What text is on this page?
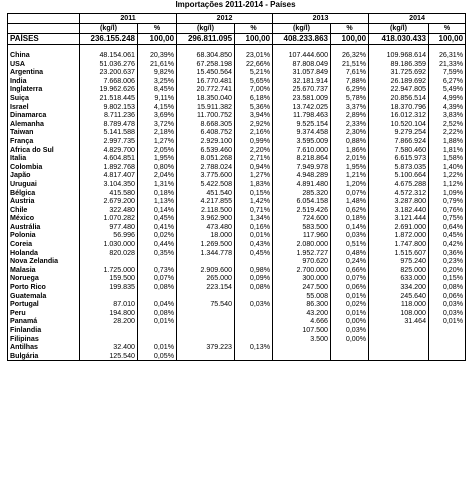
Importações 2011-2014 - Países
	2011		2012		2013		2014	
	(kg/l)	%	(kg/l)	%	(kg/l)	%	(kg/l)	%
PAÍSES	236.155.248	100,00	296.811.095	100,00	408.233.863	100,00	418.030.433	100,00

China	48.154.061	20,39%	68.304.850	23,01%	107.444.600	26,32%	109.968.614	26,31%
USA	51.036.276	21,61%	67.258.198	22,66%	87.808.049	21,51%	89.186.359	21,33%
Argentina	23.200.637	9,82%	15.450.564	5,21%	31.057.849	7,61%	31.725.692	7,59%
India	7.668.006	3,25%	16.770.481	5,65%	32.181.914	7,88%	26.189.692	6,27%
Inglaterra	19.962.626	8,45%	20.772.741	7,00%	25.670.737	6,29%	22.947.805	5,49%
Suiça	21.518.445	9,11%	18.350.040	6,18%	23.581.009	5,78%	20.856.514	4,99%
Israel	9.802.153	4,15%	15.911.382	5,36%	13.742.025	3,37%	18.370.796	4,39%
Dinamarca	8.711.236	3,69%	11.700.752	3,94%	11.798.463	2,89%	16.012.312	3,83%
Alemanha	8.789.478	3,72%	8.668.305	2,92%	9.525.154	2,33%	10.520.104	2,52%
Taiwan	5.141.588	2,18%	6.408.752	2,16%	9.374.458	2,30%	9.279.254	2,22%
França	2.997.735	1,27%	2.929.100	0,99%	3.595.009	0,88%	7.866.924	1,88%
Africa do Sul	4.829.700	2,05%	6.539.460	2,20%	7.610.000	1,86%	7.580.460	1,81%
Italia	4.604.851	1,95%	8.051.268	2,71%	8.218.864	2,01%	6.615.973	1,58%
Colombia	1.892.768	0,80%	2.788.024	0,94%	7.949.978	1,95%	5.873.035	1,40%
Japão	4.817.407	2,04%	3.775.600	1,27%	4.948.289	1,21%	5.100.664	1,22%
Uruguai	3.104.350	1,31%	5.422.508	1,83%	4.891.480	1,20%	4.675.288	1,12%
Bélgica	415.580	0,18%	451.540	0,15%	285.320	0,07%	4.572.312	1,09%
Áustria	2.679.200	1,13%	4.217.855	1,42%	6.054.158	1,48%	3.287.800	0,79%
Chile	322.480	0,14%	2.118.500	0,71%	2.519.426	0,62%	3.182.440	0,76%
México	1.070.282	0,45%	3.962.900	1,34%	724.600	0,18%	3.121.444	0,75%
Austrália	977.480	0,41%	473.480	0,16%	583.500	0,14%	2.691.000	0,64%
Polonia	56.996	0,02%	18.000	0,01%	117.960	0,03%	1.872.000	0,45%
Coreia	1.030.000	0,44%	1.269.500	0,43%	2.080.000	0,51%	1.747.800	0,42%
Holanda	820.028	0,35%	1.344.778	0,45%	1.952.727	0,48%	1.515.607	0,36%
Nova Zelandia					970.620	0,24%	975.240	0,23%
Malasia	1.725.000	0,73%	2.909.600	0,98%	2.700.000	0,66%	825.000	0,20%
Noruega	159.500	0,07%	265.000	0,09%	300.000	0,07%	633.000	0,15%
Porto Rico	199.835	0,08%	223.154	0,08%	247.500	0,06%	334.200	0,08%
Guatemala					55.008	0,01%	245.640	0,06%
Portugal	87.010	0,04%	75.540	0,03%	86.300	0,02%	118.000	0,03%
Peru	194.800	0,08%			43.200	0,01%	108.000	0,03%
Panamá	28.200	0,01%			4.666	0,00%	31.464	0,01%
Finlandia					107.500	0,03%		
Filipinas					3.500	0,00%		
Antilhas	32.400	0,01%	379.223	0,13%				
Bulgária	125.540	0,05%						
